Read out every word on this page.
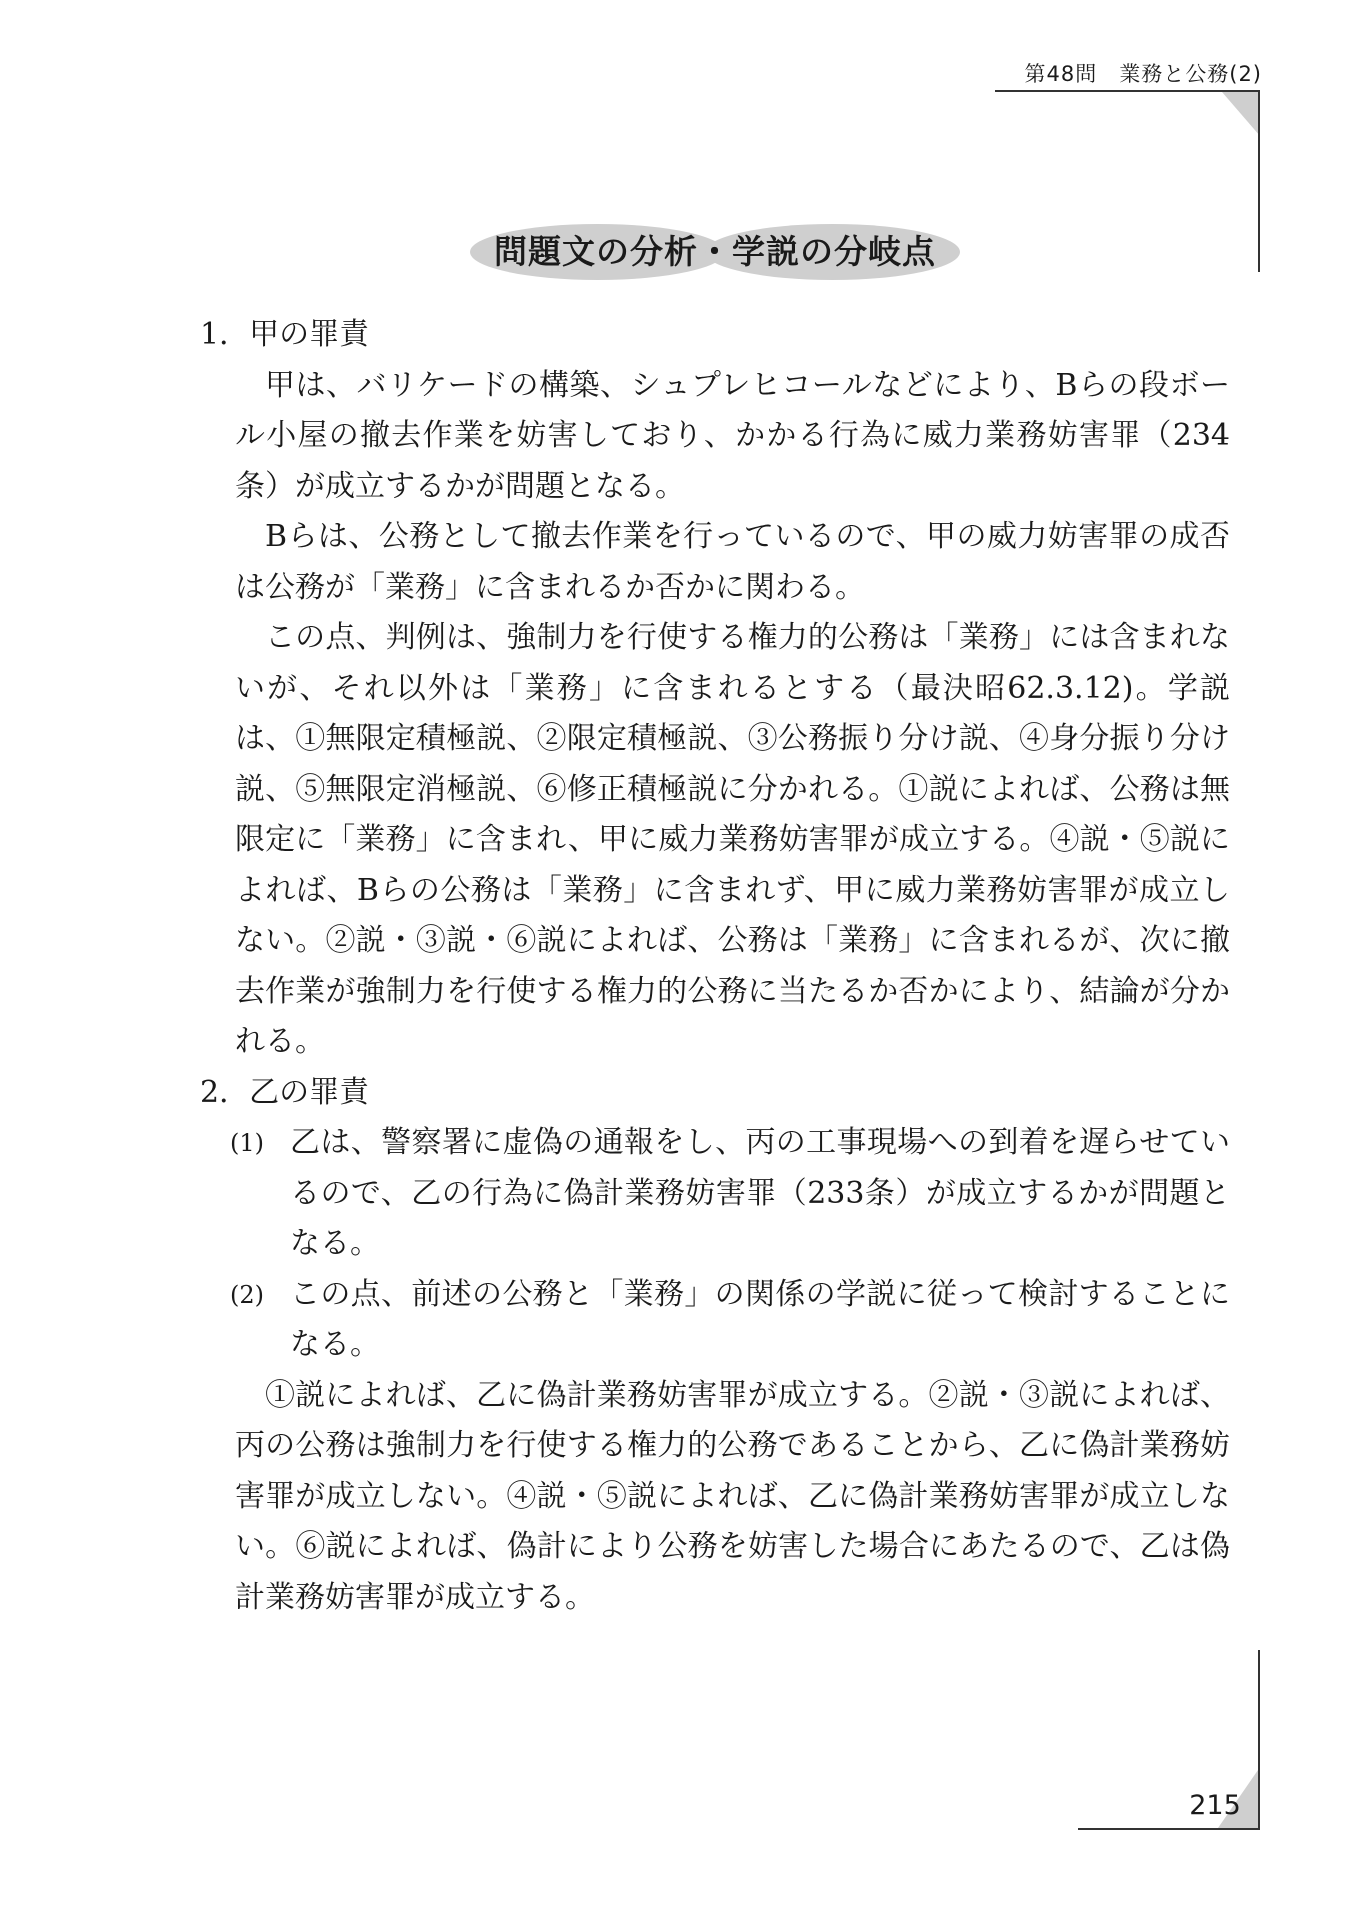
第48問　業務と公務(2)
問題文の分析・学説の分岐点

1．甲の罪責

甲は、バリケードの構築、シュプレヒコールなどにより、Bらの段ボール小屋の撤去作業を妨害しており、かかる行為に威力業務妨害罪（234条）が成立するかが問題となる。

Bらは、公務として撤去作業を行っているので、甲の威力妨害罪の成否は公務が「業務」に含まれるか否かに関わる。

この点、判例は、強制力を行使する権力的公務は「業務」には含まれないが、それ以外は「業務」に含まれるとする（最決昭62.3.12)。学説は、①無限定積極説、②限定積極説、③公務振り分け説、④身分振り分け説、⑤無限定消極説、⑥修正積極説に分かれる。①説によれば、公務は無限定に「業務」に含まれ、甲に威力業務妨害罪が成立する。④説・⑤説によれば、Bらの公務は「業務」に含まれず、甲に威力業務妨害罪が成立しない。②説・③説・⑥説によれば、公務は「業務」に含まれるが、次に撤去作業が強制力を行使する権力的公務に当たるか否かにより、結論が分かれる。

2．乙の罪責

(1) 乙は、警察署に虚偽の通報をし、丙の工事現場への到着を遅らせているので、乙の行為に偽計業務妨害罪（233条）が成立するかが問題となる。
(2) この点、前述の公務と「業務」の関係の学説に従って検討することになる。

①説によれば、乙に偽計業務妨害罪が成立する。②説・③説によれば、丙の公務は強制力を行使する権力的公務であることから、乙に偽計業務妨害罪が成立しない。④説・⑤説によれば、乙に偽計業務妨害罪が成立しない。⑥説によれば、偽計により公務を妨害した場合にあたるので、乙は偽計業務妨害罪が成立する。

215
